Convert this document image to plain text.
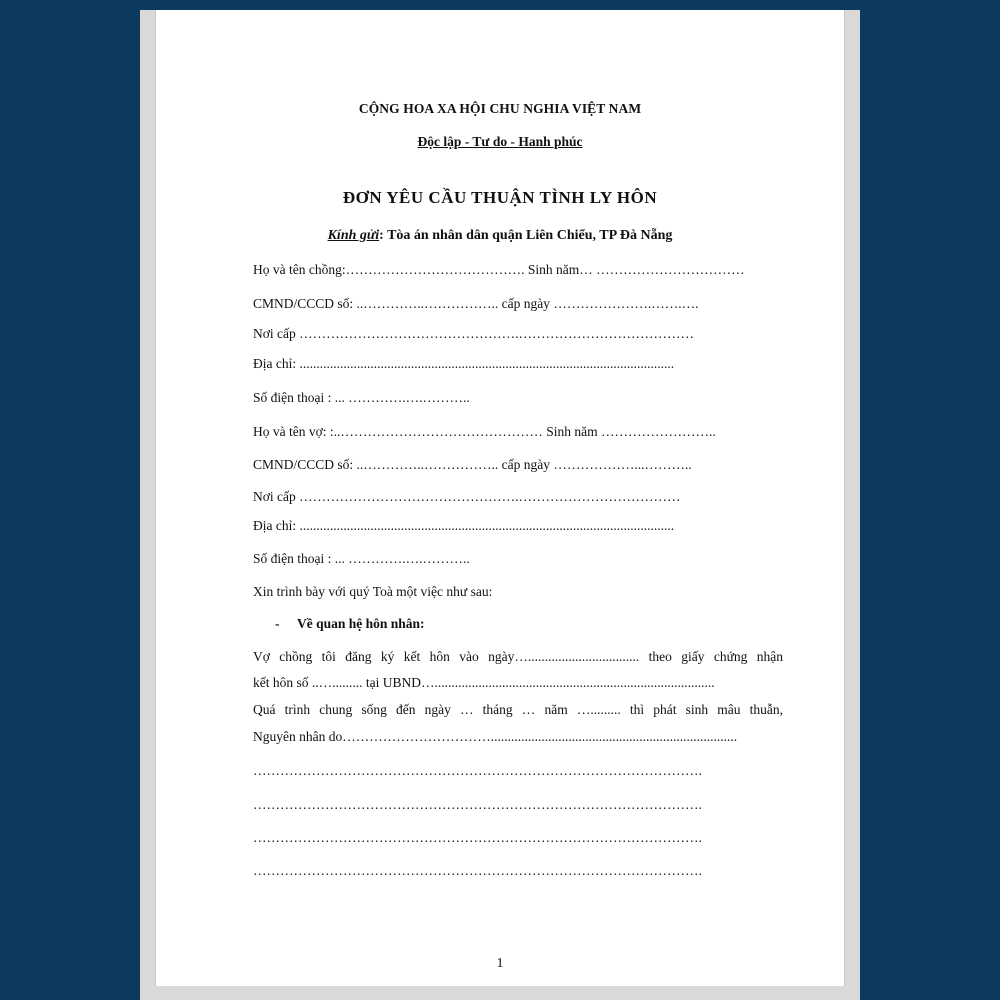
CỘNG HOA XA HỘI CHU NGHIA VIỆT NAM
Độc lập - Tư do - Hanh phúc
ĐƠN YÊU CẦU THUẬN TÌNH LY HÔN
Kính gửi: Tòa án nhân dân quận Liên Chiểu, TP Đà Nẵng
Họ và tên chồng:…………………………………. Sinh năm… ……………………………
CMND/CCCD số: ..…………..…………….. cấp ngày ………………….…….….
Nơi cấp ………………………………………….…………………………………
Địa chỉ: ...............................................................................................................
Số điện thoại : ... ………….….………..
Họ và tên vợ: :..……………………………………… Sinh năm ……………………..
CMND/CCCD số: ..…………..…………….. cấp ngày ………………...………..
Nơi cấp ………………………………………….………………………………
Địa chỉ: ...............................................................................................................
Số điện thoại : ... ………….….………..
Xin trình bày với quý Toà một việc như sau:
- Về quan hệ hôn nhân:
Vợ chồng tôi đăng ký kết hôn vào ngày…................................. theo giấy chứng nhận
kết hôn số ..…......... tại UBND…...................................................................................
Quá trình chung sống đến ngày … tháng … năm …......... thì phát sinh mâu thuẫn,
Nguyên nhân do…………………………….........................................................................
……………………………………………………………………………………….
……………………………………………………………………………………….
……………………………………………………………………………………….
……………………………………………………………………………………….
1
